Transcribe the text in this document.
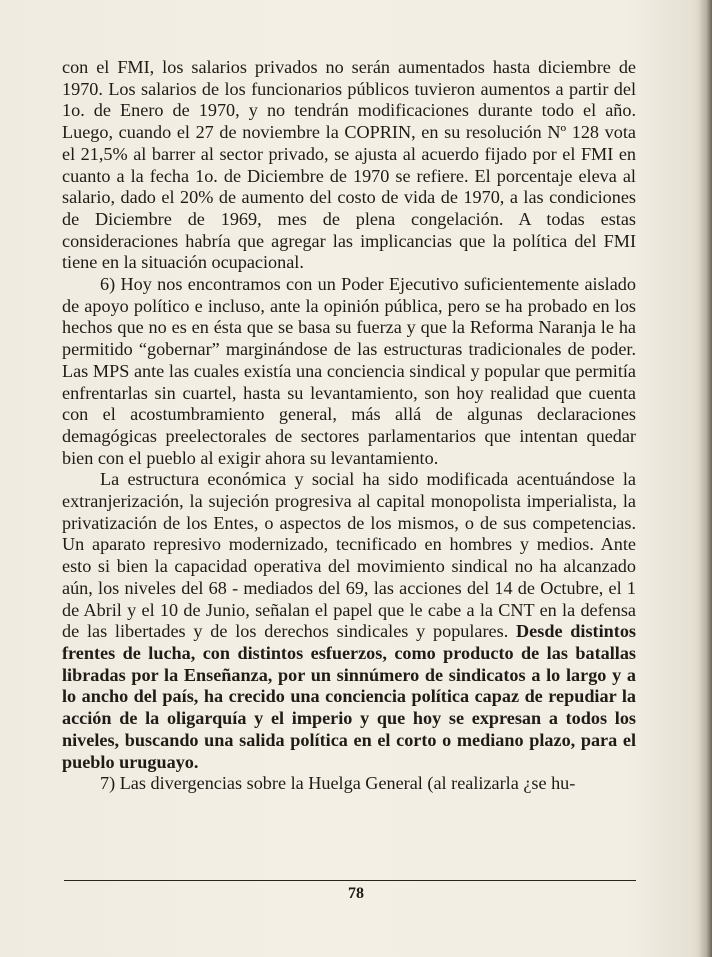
con el FMI, los salarios privados no serán aumentados hasta diciembre de 1970. Los salarios de los funcionarios públicos tuvieron aumentos a partir del 1o. de Enero de 1970, y no tendrán modificaciones durante todo el año. Luego, cuando el 27 de noviembre la COPRIN, en su resolución Nº 128 vota el 21,5% al barrer al sector privado, se ajusta al acuerdo fijado por el FMI en cuanto a la fecha 1o. de Diciembre de 1970 se refiere. El porcentaje eleva al salario, dado el 20% de aumento del costo de vida de 1970, a las condiciones de Diciembre de 1969, mes de plena congelación. A todas estas consideraciones habría que agregar las implicancias que la política del FMI tiene en la situación ocupacional.

6) Hoy nos encontramos con un Poder Ejecutivo suficientemente aislado de apoyo político e incluso, ante la opinión pública, pero se ha probado en los hechos que no es en ésta que se basa su fuerza y que la Reforma Naranja le ha permitido “gobernar” marginándose de las estructuras tradicionales de poder. Las MPS ante las cuales existía una conciencia sindical y popular que permitía enfrentarlas sin cuartel, hasta su levantamiento, son hoy realidad que cuenta con el acostumbramiento general, más allá de algunas declaraciones demagógicas preelectorales de sectores parlamentarios que intentan quedar bien con el pueblo al exigir ahora su levantamiento.

La estructura económica y social ha sido modificada acentuándose la extranjerización, la sujeción progresiva al capital monopolista imperialista, la privatización de los Entes, o aspectos de los mismos, o de sus competencias. Un aparato represivo modernizado, tecnificado en hombres y medios. Ante esto si bien la capacidad operativa del movimiento sindical no ha alcanzado aún, los niveles del 68 - mediados del 69, las acciones del 14 de Octubre, el 1 de Abril y el 10 de Junio, señalan el papel que le cabe a la CNT en la defensa de las libertades y de los derechos sindicales y populares. Desde distintos frentes de lucha, con distintos esfuerzos, como producto de las batallas libradas por la Enseñanza, por un sinnúmero de sindicatos a lo largo y a lo ancho del país, ha crecido una conciencia política capaz de repudiar la acción de la oligarquía y el imperio y que hoy se expresan a todos los niveles, buscando una salida política en el corto o mediano plazo, para el pueblo uruguayo.

7) Las divergencias sobre la Huelga General (al realizarla ¿se hu-

78
